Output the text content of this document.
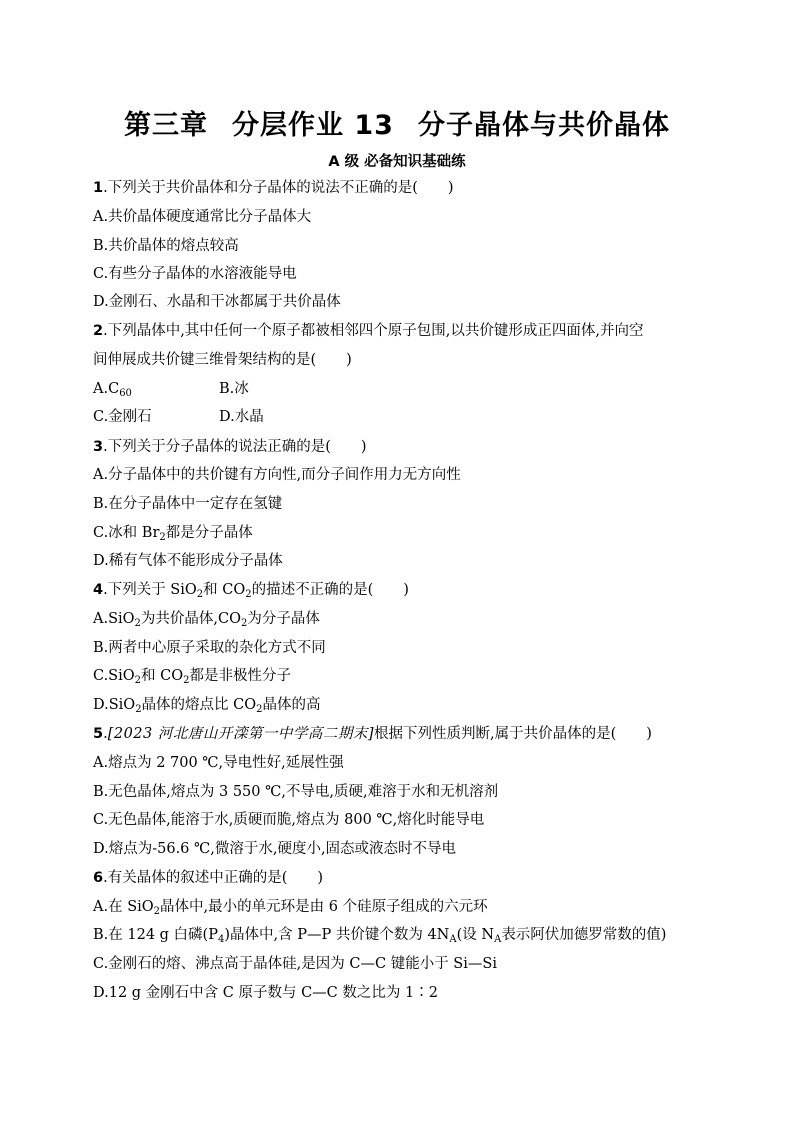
第三章 分层作业 13 分子晶体与共价晶体
A 级 必备知识基础练
1.下列关于共价晶体和分子晶体的说法不正确的是( )
A.共价晶体硬度通常比分子晶体大
B.共价晶体的熔点较高
C.有些分子晶体的水溶液能导电
D.金刚石、水晶和干冰都属于共价晶体
2.下列晶体中,其中任何一个原子都被相邻四个原子包围,以共价键形成正四面体,并向空
间伸展成共价键三维骨架结构的是( )
$A.C_{60}$	B.冰
C.金刚石	D.水晶
3.下列关于分子晶体的说法正确的是( )
A.分子晶体中的共价键有方向性,而分子间作用力无方向性
B.在分子晶体中一定存在氢键
C.冰和 $Br_2$都是分子晶体
D.稀有气体不能形成分子晶体
4.下列关于 SiO$_2$和 $CO_2$的描述不正确的是( )
A.SiO$_2$为共价晶体$,CO_2$为分子晶体
B.两者中心原子采取的杂化方式不同
C.SiO$_2$和 $CO_2$都是非极性分子
D.SiO$_2$晶体的熔点比 $CO_2$晶体的高
5.[2023 河北唐山开滦第一中学高二期末]根据下列性质判断,属于共价晶体的是( )
A.熔点为 2 700 ℃,导电性好,延展性强
B.无色晶体,熔点为 3 550 ℃,不导电,质硬,难溶于水和无机溶剂
C.无色晶体,能溶于水,质硬而脆,熔点为 800 ℃,熔化时能导电
D.熔点为-56.6 ℃,微溶于水,硬度小,固态或液态时不导电
6.有关晶体的叙述中正确的是( )
A.在 SiO$_2$晶体中,最小的单元环是由 6 个硅原子组成的六元环
B.在 124 g 白磷$(P_4)$晶体中,含 P—P 共价键个数为 $4N_A$(设 $N_A$表示阿伏加德罗常数的值)
C.金刚石的熔、沸点高于晶体硅,是因为 C—C 键能小于 Si—Si
D.12 g 金刚石中含 C 原子数与 C—C 数之比为 1∶2
